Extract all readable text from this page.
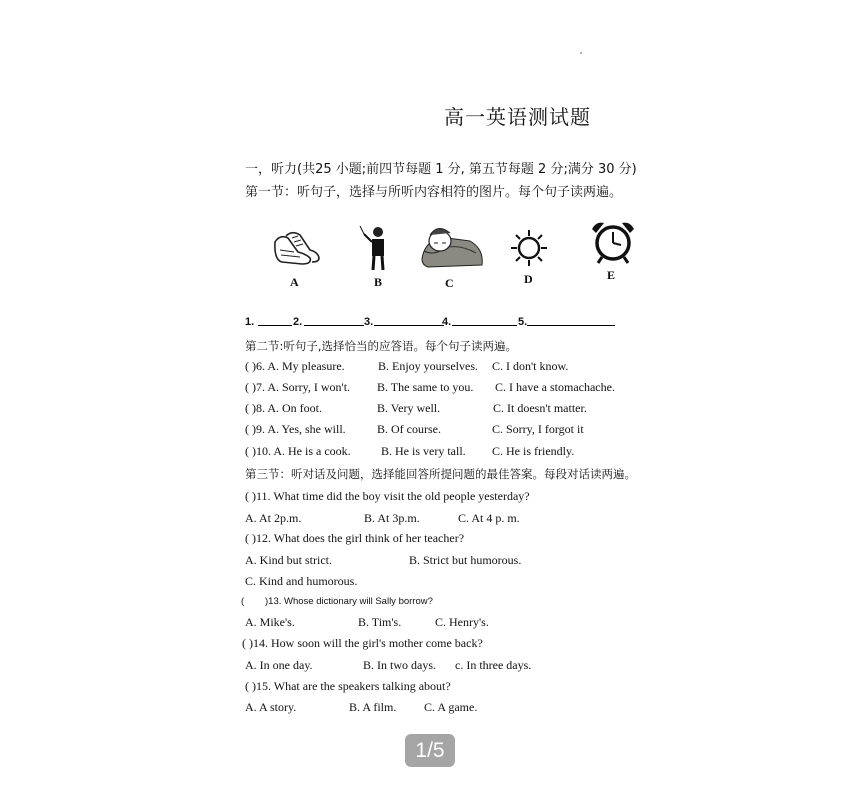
高一英语测试题
一，听力(共25 小题;前四节每题 1 分, 第五节每题 2 分;满分 30 分)
第一节：听句子，选择与所听内容相符的图片。每个句子读两遍。
A	B	C	D	E
1.	2.	3.	4.	5.
第二节:听句子,选择恰当的应答语。每个句子读两遍。
( )6. A. My pleasure.	B. Enjoy yourselves. C. I don't know.
( )7. A. Sorry, I won't. B. The same to you. C. I have a stomachache.
( )8. A. On foot.	B. Very well.	C. It doesn't matter.
( )9. A. Yes, she will.	B. Of course.	C. Sorry, I forgot it
( )10. A. He is a cook.	B. He is very tall. C. He is friendly.
第三节：听对话及问题，选择能回答所提问题的最佳答案。每段对话读两遍。
( )11. What time did the boy visit the old people yesterday?
A. At 2p.m.	B. At 3p.m.	C. At 4 p. m.
( )12. What does the girl think of her teacher?
A. Kind but strict.	B. Strict but humorous.
C. Kind and humorous.
( )13. Whose dictionary will Sally borrow?
A. Mike's.	B. Tim's.	C. Henry's.
( )14. How soon will the girl's mother come back?
A. In one day.	B. In two days. c. In three days.
( )15. What are the speakers talking about?
A. A story.	B. A film. C. A game.
1/5
